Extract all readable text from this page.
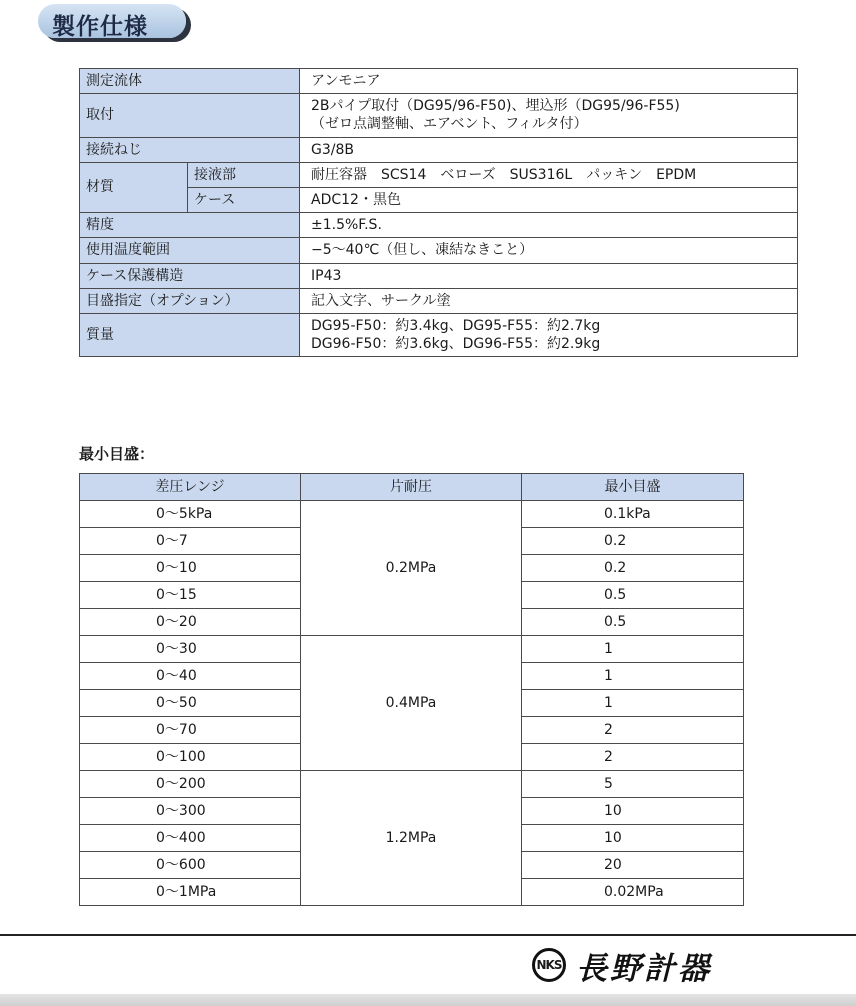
製作仕様
測定流体		アンモニア
取付		2Bパイプ取付（DG95/96-F50)、埋込形（DG95/96-F55)
（ゼロ点調整軸、エアベント、フィルタ付）

接続ねじ		G3/8B
材質	接液部	耐圧容器　SCS14　ベローズ　SUS316L　パッキン　EPDM
	ケース	ADC12・黒色
精度		±1.5%F.S.
使用温度範囲		−5〜40℃（但し、凍結なきこと）
ケース保護構造		IP43
目盛指定（オプション）		記入文字、サークル塗
質量		DG95-F50：約3.4kg、DG95-F55：約2.7kg
DG96-F50：約3.6kg、DG96-F55：約2.9kg
最小目盛：
差圧レンジ	片耐圧	最小目盛
0〜5kPa	0.2MPa	0.1kPa
0〜7		0.2
0〜10		0.2
0〜15		0.5
0〜20		0.5
0〜30	0.4MPa	1
0〜40		1
0〜50		1
0〜70		2
0〜100		2
0〜200	1.2MPa	5
0〜300		10
0〜400		10
0〜600		20
0〜1MPa		0.02MPa
NKS 長野計器
